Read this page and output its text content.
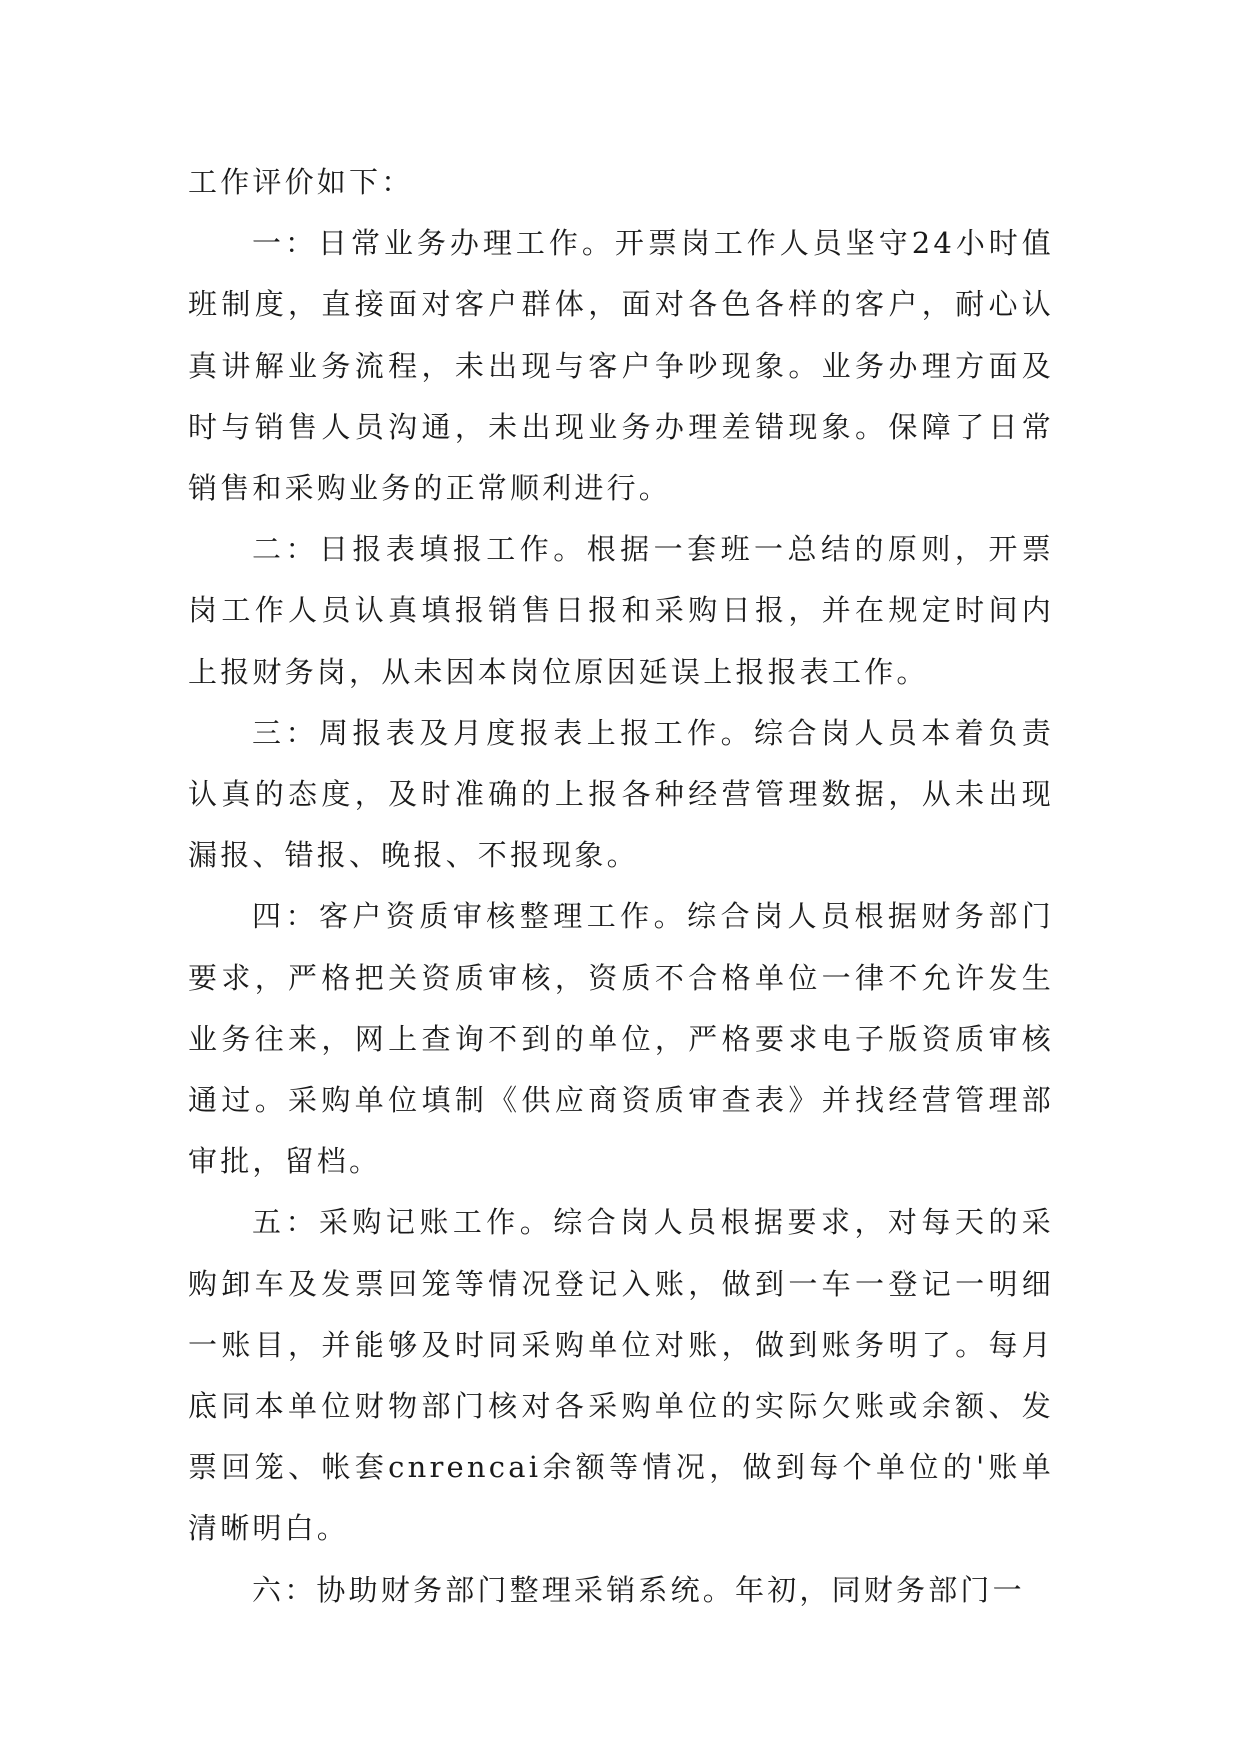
工作评价如下：

一：日常业务办理工作。开票岗工作人员坚守24小时值班制度，直接面对客户群体，面对各色各样的客户，耐心认真讲解业务流程，未出现与客户争吵现象。业务办理方面及时与销售人员沟通，未出现业务办理差错现象。保障了日常销售和采购业务的正常顺利进行。

二：日报表填报工作。根据一套班一总结的原则，开票岗工作人员认真填报销售日报和采购日报，并在规定时间内上报财务岗，从未因本岗位原因延误上报报表工作。

三：周报表及月度报表上报工作。综合岗人员本着负责认真的态度，及时准确的上报各种经营管理数据，从未出现漏报、错报、晚报、不报现象。

四：客户资质审核整理工作。综合岗人员根据财务部门要求，严格把关资质审核，资质不合格单位一律不允许发生业务往来，网上查询不到的单位，严格要求电子版资质审核通过。采购单位填制《供应商资质审查表》并找经营管理部审批，留档。

五：采购记账工作。综合岗人员根据要求，对每天的采购卸车及发票回笼等情况登记入账，做到一车一登记一明细一账目，并能够及时同采购单位对账，做到账务明了。每月底同本单位财物部门核对各采购单位的实际欠账或余额、发票回笼、帐套cnrencai余额等情况，做到每个单位的'账单清晰明白。

六：协助财务部门整理采销系统。年初，同财务部门一
